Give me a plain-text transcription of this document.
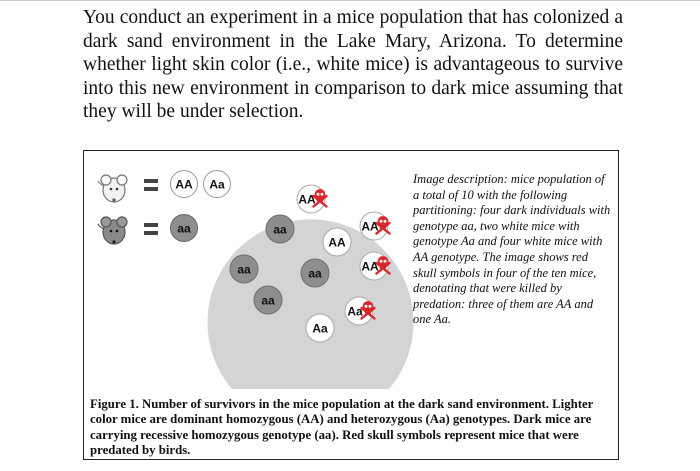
You conduct an experiment in a mice population that has colonized a dark sand environment in the Lake Mary, Arizona. To determine whether light skin color (i.e., white mice) is advantageous to survive into this new environment in comparison to dark mice assuming that they will be under selection.

AA Aa
aa
AA
aa	AA
AA
aa	aa	AA
aa
Aa
Aa

Image description: mice population of a total of 10 with the following partitioning: four dark individuals with genotype aa, two white mice with genotype Aa and four white mice with AA genotype. The image shows red skull symbols in four of the ten mice, denotating that were killed by predation: three of them are AA and one Aa.

Figure 1. Number of survivors in the mice population at the dark sand environment. Lighter color mice are dominant homozygous (AA) and heterozygous (Aa) genotypes. Dark mice are carrying recessive homozygous genotype (aa). Red skull symbols represent mice that were predated by birds.
